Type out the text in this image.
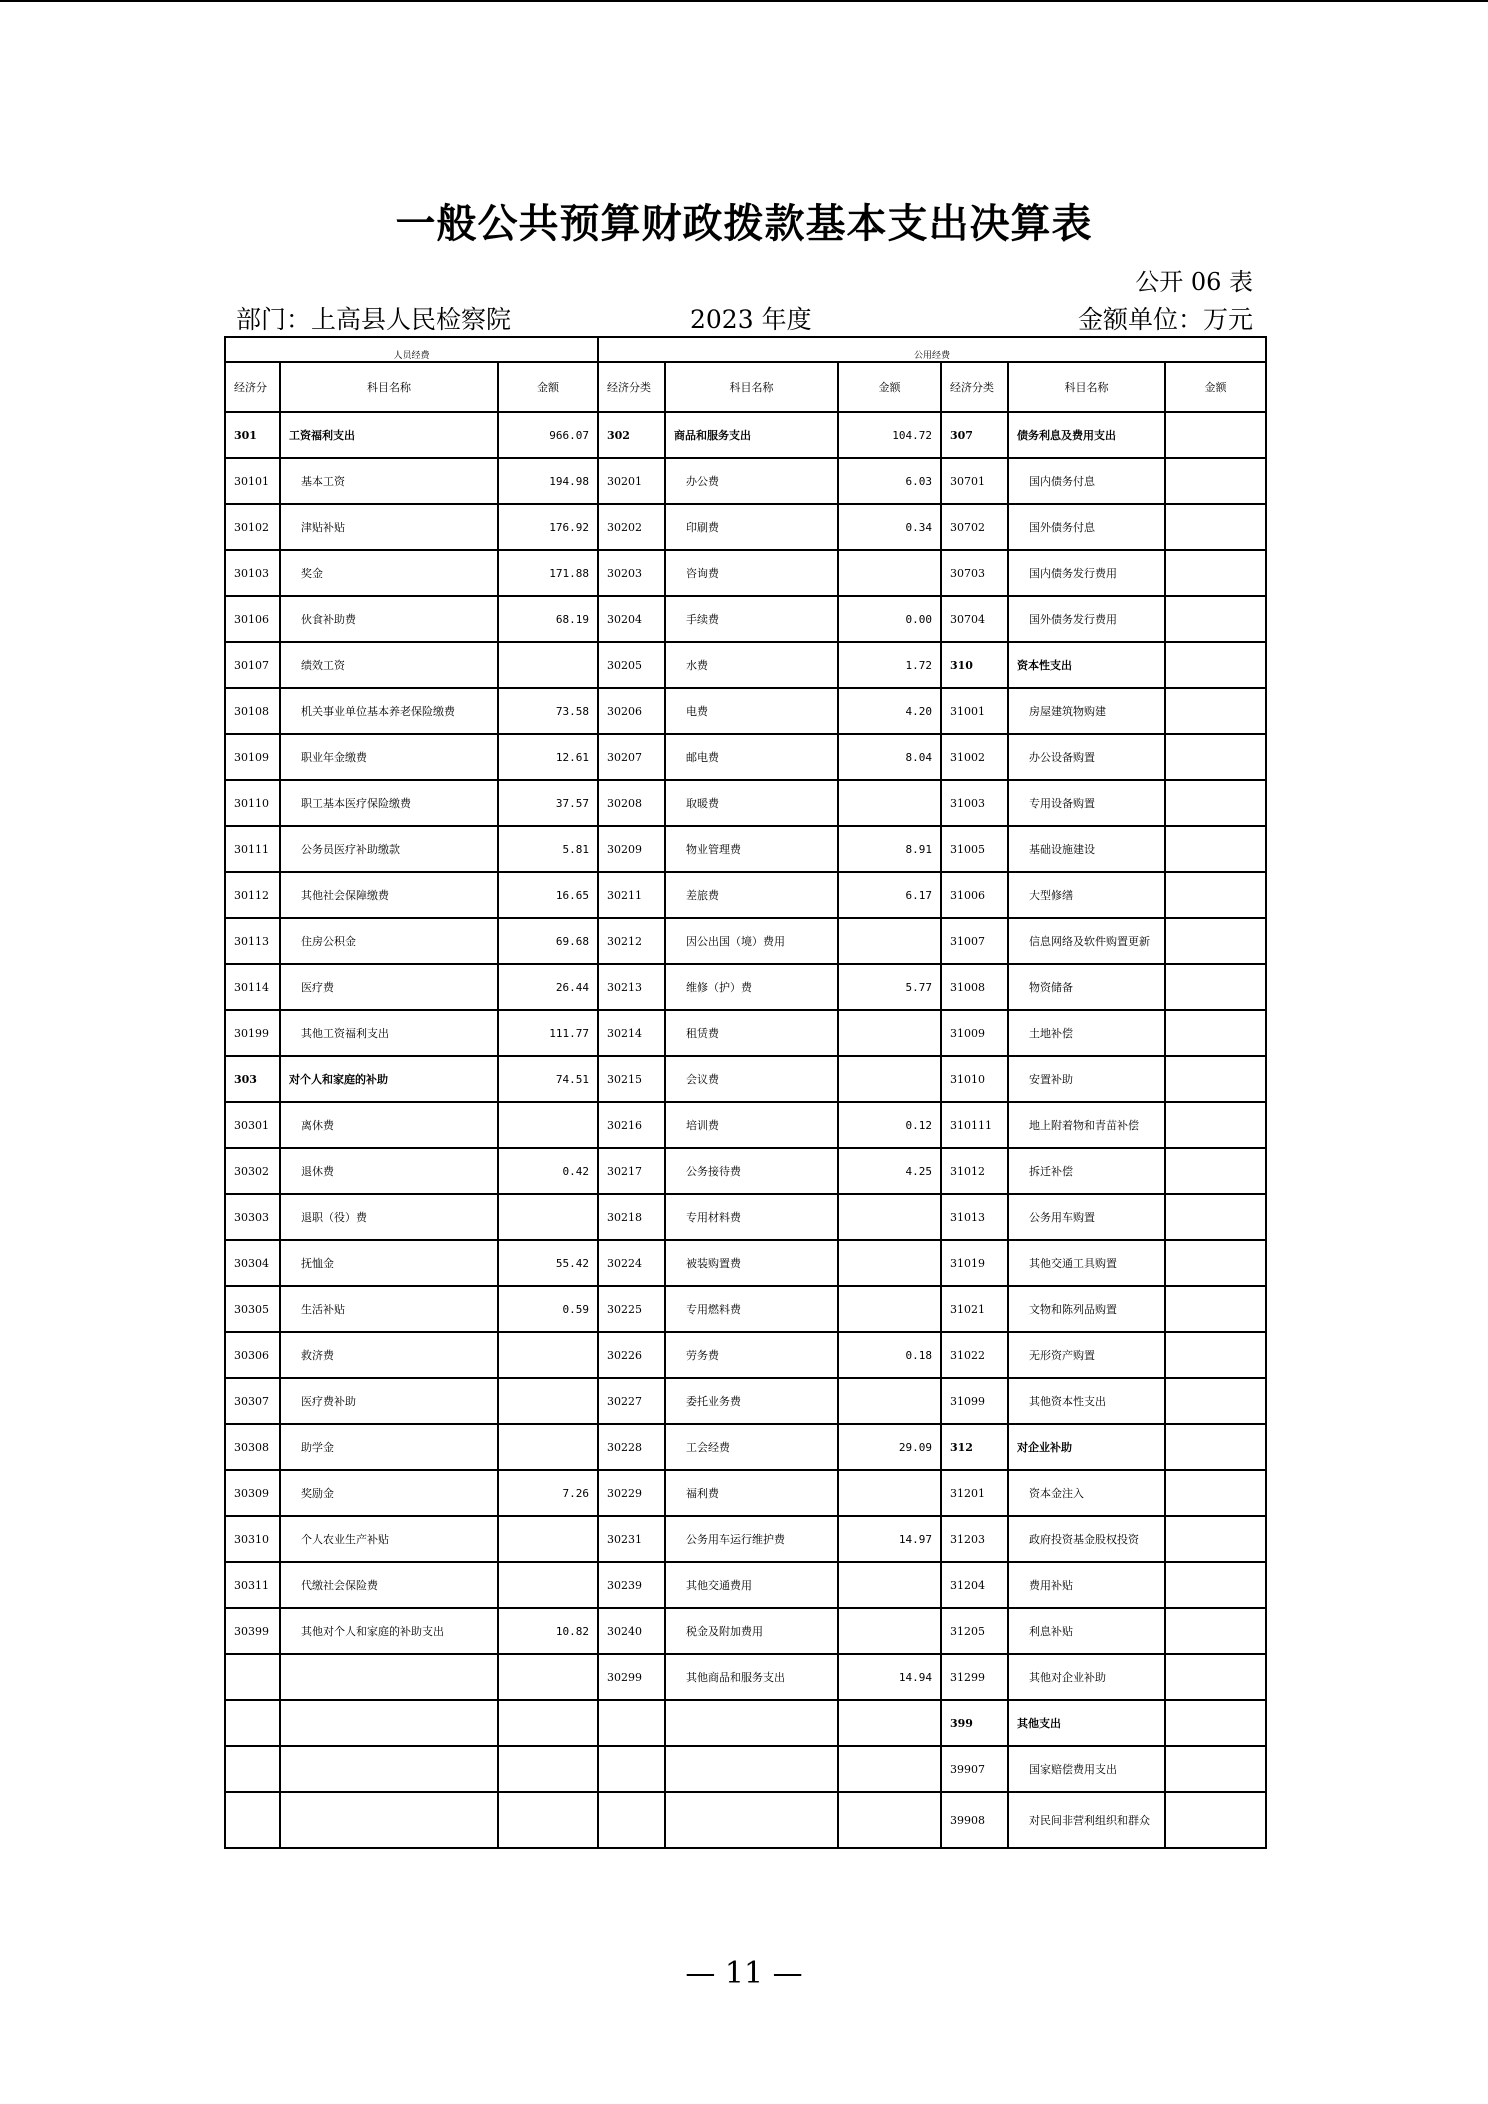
一般公共预算财政拨款基本支出决算表
公开 06 表
部门：上高县人民检察院	2023 年度	金额单位：万元
人员经费			公用经费					
经济分	科目名称	金额	经济分类	科目名称	金额	经济分类	科目名称	金额
301	工资福利支出	966.07	302	商品和服务支出	104.72	307	债务利息及费用支出	
30101	基本工资	194.98	30201	办公费	6.03	30701	国内债务付息	
30102	津贴补贴	176.92	30202	印刷费	0.34	30702	国外债务付息	
30103	奖金	171.88	30203	咨询费		30703	国内债务发行费用	
30106	伙食补助费	68.19	30204	手续费	0.00	30704	国外债务发行费用	
30107	绩效工资		30205	水费	1.72	310	资本性支出	
30108	机关事业单位基本养老保险缴费	73.58	30206	电费	4.20	31001	房屋建筑物购建	
30109	职业年金缴费	12.61	30207	邮电费	8.04	31002	办公设备购置	
30110	职工基本医疗保险缴费	37.57	30208	取暖费		31003	专用设备购置	
30111	公务员医疗补助缴款	5.81	30209	物业管理费	8.91	31005	基础设施建设	
30112	其他社会保障缴费	16.65	30211	差旅费	6.17	31006	大型修缮	
30113	住房公积金	69.68	30212	因公出国（境）费用		31007	信息网络及软件购置更新	
30114	医疗费	26.44	30213	维修（护）费	5.77	31008	物资储备	
30199	其他工资福利支出	111.77	30214	租赁费		31009	土地补偿	
303	对个人和家庭的补助	74.51	30215	会议费		31010	安置补助	
30301	离休费		30216	培训费	0.12	310111	地上附着物和青苗补偿	
30302	退休费	0.42	30217	公务接待费	4.25	31012	拆迁补偿	
30303	退职（役）费		30218	专用材料费		31013	公务用车购置	
30304	抚恤金	55.42	30224	被装购置费		31019	其他交通工具购置	
30305	生活补贴	0.59	30225	专用燃料费		31021	文物和陈列品购置	
30306	救济费		30226	劳务费	0.18	31022	无形资产购置	
30307	医疗费补助		30227	委托业务费		31099	其他资本性支出	
30308	助学金		30228	工会经费	29.09	312	对企业补助	
30309	奖励金	7.26	30229	福利费		31201	资本金注入	
30310	个人农业生产补贴		30231	公务用车运行维护费	14.97	31203	政府投资基金股权投资	
30311	代缴社会保险费		30239	其他交通费用		31204	费用补贴	
30399	其他对个人和家庭的补助支出	10.82	30240	税金及附加费用		31205	利息补贴	
			30299	其他商品和服务支出	14.94	31299	其他对企业补助	
						399	其他支出	
						39907	国家赔偿费用支出	
						39908	对民间非营利组织和群众	
— 11 —
